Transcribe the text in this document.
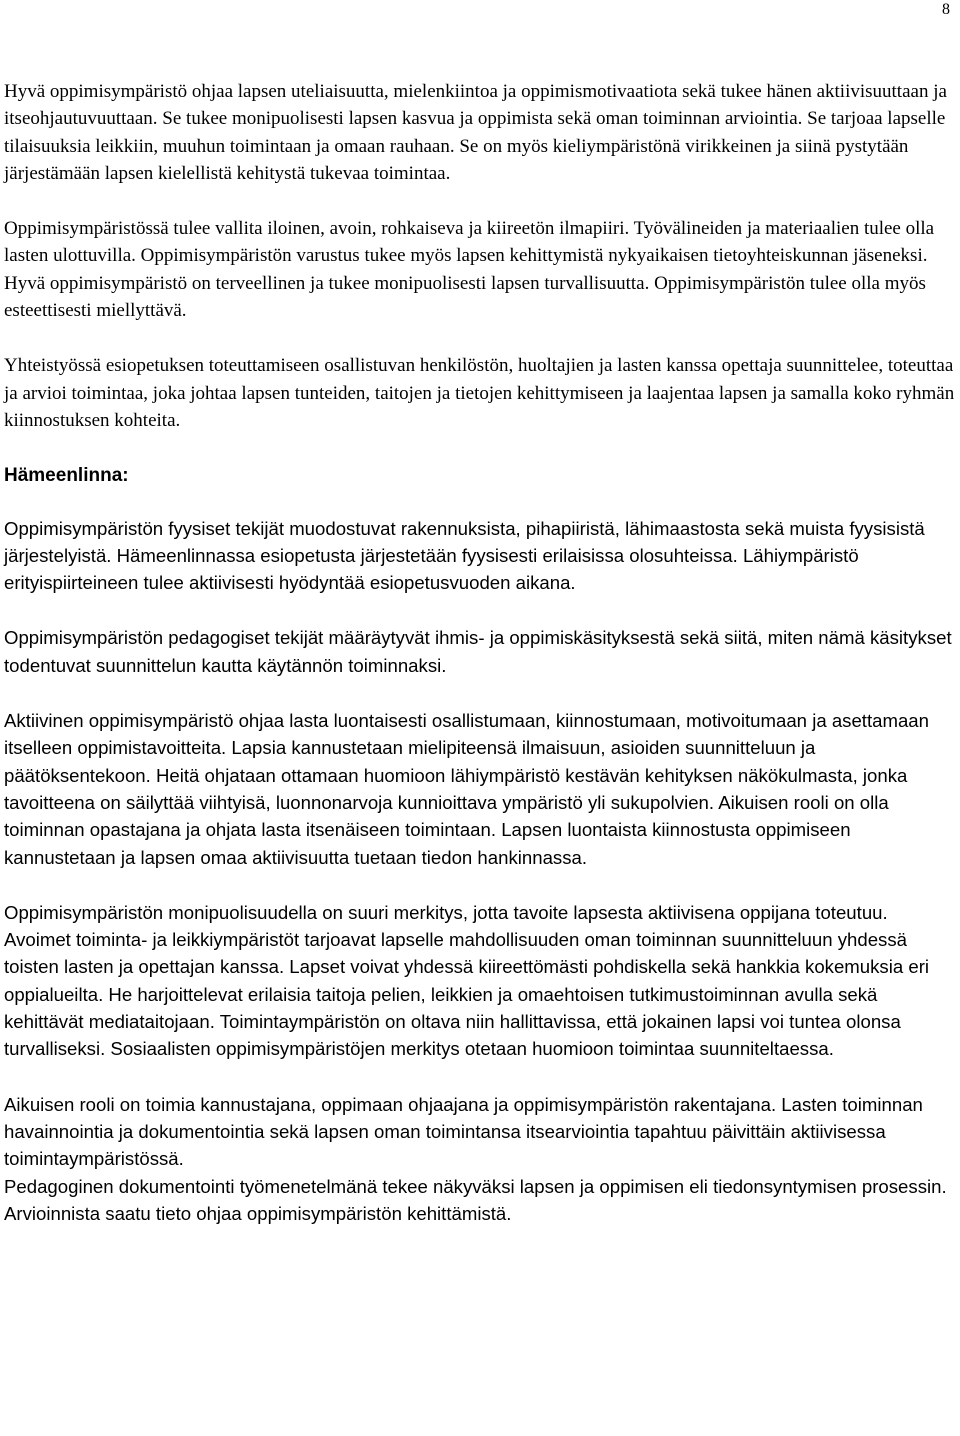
8

Hyvä oppimisympäristö ohjaa lapsen uteliaisuutta, mielenkiintoa ja oppimismotivaatiota sekä tukee hänen aktiivisuuttaan ja itseohjautuvuuttaan. Se tukee monipuolisesti lapsen kasvua ja oppimista sekä oman toiminnan arviointia. Se tarjoaa lapselle tilaisuuksia leikkiin, muuhun toimintaan ja omaan rauhaan. Se on myös kieliympäristönä virikkeinen ja siinä pystytään järjestämään lapsen kielellistä kehitystä tukevaa toimintaa.

Oppimisympäristössä tulee vallita iloinen, avoin, rohkaiseva ja kiireetön ilmapiiri. Työvälineiden ja materiaalien tulee olla lasten ulottuvilla. Oppimisympäristön varustus tukee myös lapsen kehittymistä nykyaikaisen tietoyhteiskunnan jäseneksi. Hyvä oppimisympäristö on terveellinen ja tukee monipuolisesti lapsen turvallisuutta. Oppimisympäristön tulee olla myös esteettisesti miellyttävä.

Yhteistyössä esiopetuksen toteuttamiseen osallistuvan henkilöstön, huoltajien ja lasten kanssa opettaja suunnittelee, toteuttaa ja arvioi toimintaa, joka johtaa lapsen tunteiden, taitojen ja tietojen kehittymiseen ja laajentaa lapsen ja samalla koko ryhmän kiinnostuksen kohteita.

Hämeenlinna:

Oppimisympäristön fyysiset tekijät muodostuvat rakennuksista, pihapiiristä, lähimaastosta sekä muista fyysisistä järjestelyistä. Hämeenlinnassa esiopetusta järjestetään fyysisesti erilaisissa olosuhteissa. Lähiympäristö erityispiirteineen tulee aktiivisesti hyödyntää esiopetusvuoden aikana.

Oppimisympäristön pedagogiset tekijät määräytyvät ihmis- ja oppimiskäsityksestä sekä siitä, miten nämä käsitykset todentuvat suunnittelun kautta käytännön toiminnaksi.

Aktiivinen oppimisympäristö ohjaa lasta luontaisesti osallistumaan, kiinnostumaan, motivoitumaan ja asettamaan itselleen oppimistavoitteita. Lapsia kannustetaan mielipiteensä ilmaisuun, asioiden suunnitteluun ja päätöksentekoon. Heitä ohjataan ottamaan huomioon lähiympäristö kestävän kehityksen näkökulmasta, jonka tavoitteena on säilyttää viihtyisä, luonnonarvoja kunnioittava ympäristö yli sukupolvien. Aikuisen rooli on olla toiminnan opastajana ja ohjata lasta itsenäiseen toimintaan. Lapsen luontaista kiinnostusta oppimiseen kannustetaan ja lapsen omaa aktiivisuutta tuetaan tiedon hankinnassa.

Oppimisympäristön monipuolisuudella on suuri merkitys, jotta tavoite lapsesta aktiivisena oppijana toteutuu. Avoimet toiminta- ja leikkiympäristöt tarjoavat lapselle mahdollisuuden oman toiminnan suunnitteluun yhdessä toisten lasten ja opettajan kanssa. Lapset voivat yhdessä kiireettömästi pohdiskella sekä hankkia kokemuksia eri oppialueilta. He harjoittelevat erilaisia taitoja pelien, leikkien ja omaehtoisen tutkimustoiminnan avulla sekä kehittävät mediataitojaan. Toimintaympäristön on oltava niin hallittavissa, että jokainen lapsi voi tuntea olonsa turvalliseksi. Sosiaalisten oppimisympäristöjen merkitys otetaan huomioon toimintaa suunniteltaessa.

Aikuisen rooli on toimia kannustajana, oppimaan ohjaajana ja oppimisympäristön rakentajana. Lasten toiminnan havainnointia ja dokumentointia sekä lapsen oman toimintansa itsearviointia tapahtuu päivittäin aktiivisessa toimintaympäristössä.

Pedagoginen dokumentointi työmenetelmänä tekee näkyväksi lapsen ja oppimisen eli tiedonsyntymisen prosessin. Arvioinnista saatu tieto ohjaa oppimisympäristön kehittämistä.
